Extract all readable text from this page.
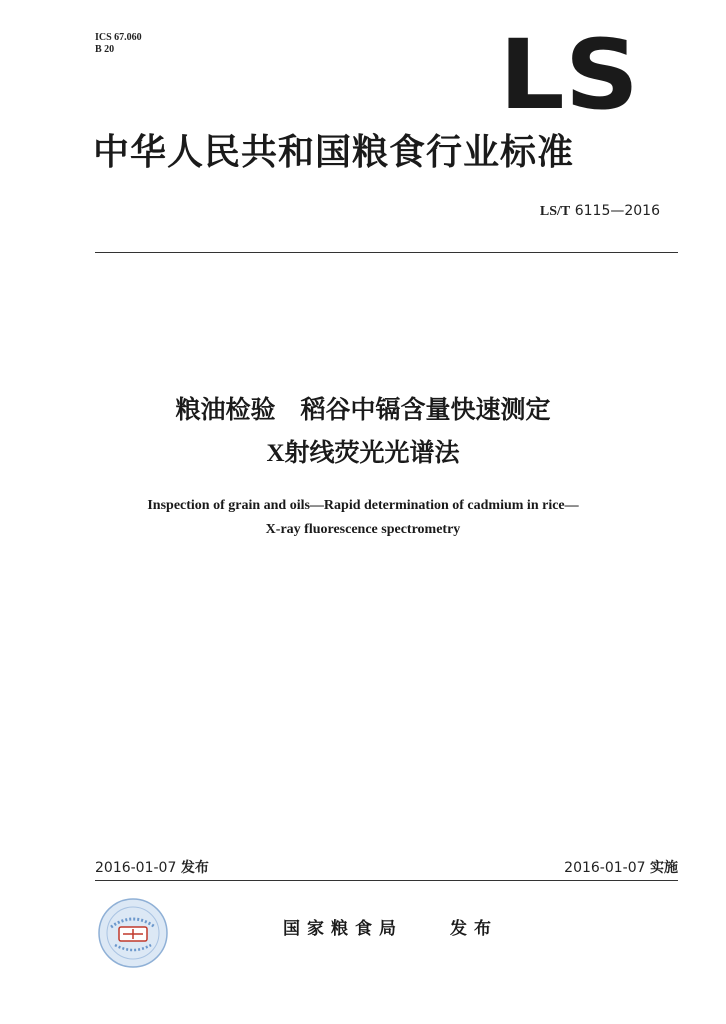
ICS 67.060
B 20	LS
中华人民共和国粮食行业标准
LS/T 6115—2016
粮油检验　稻谷中镉含量快速测定
X射线荧光光谱法
Inspection of grain and oils—Rapid determination of cadmium in rice—
X-ray fluorescence spectrometry
2016-01-07 发布	2016-01-07 实施
国家粮食局	发布
